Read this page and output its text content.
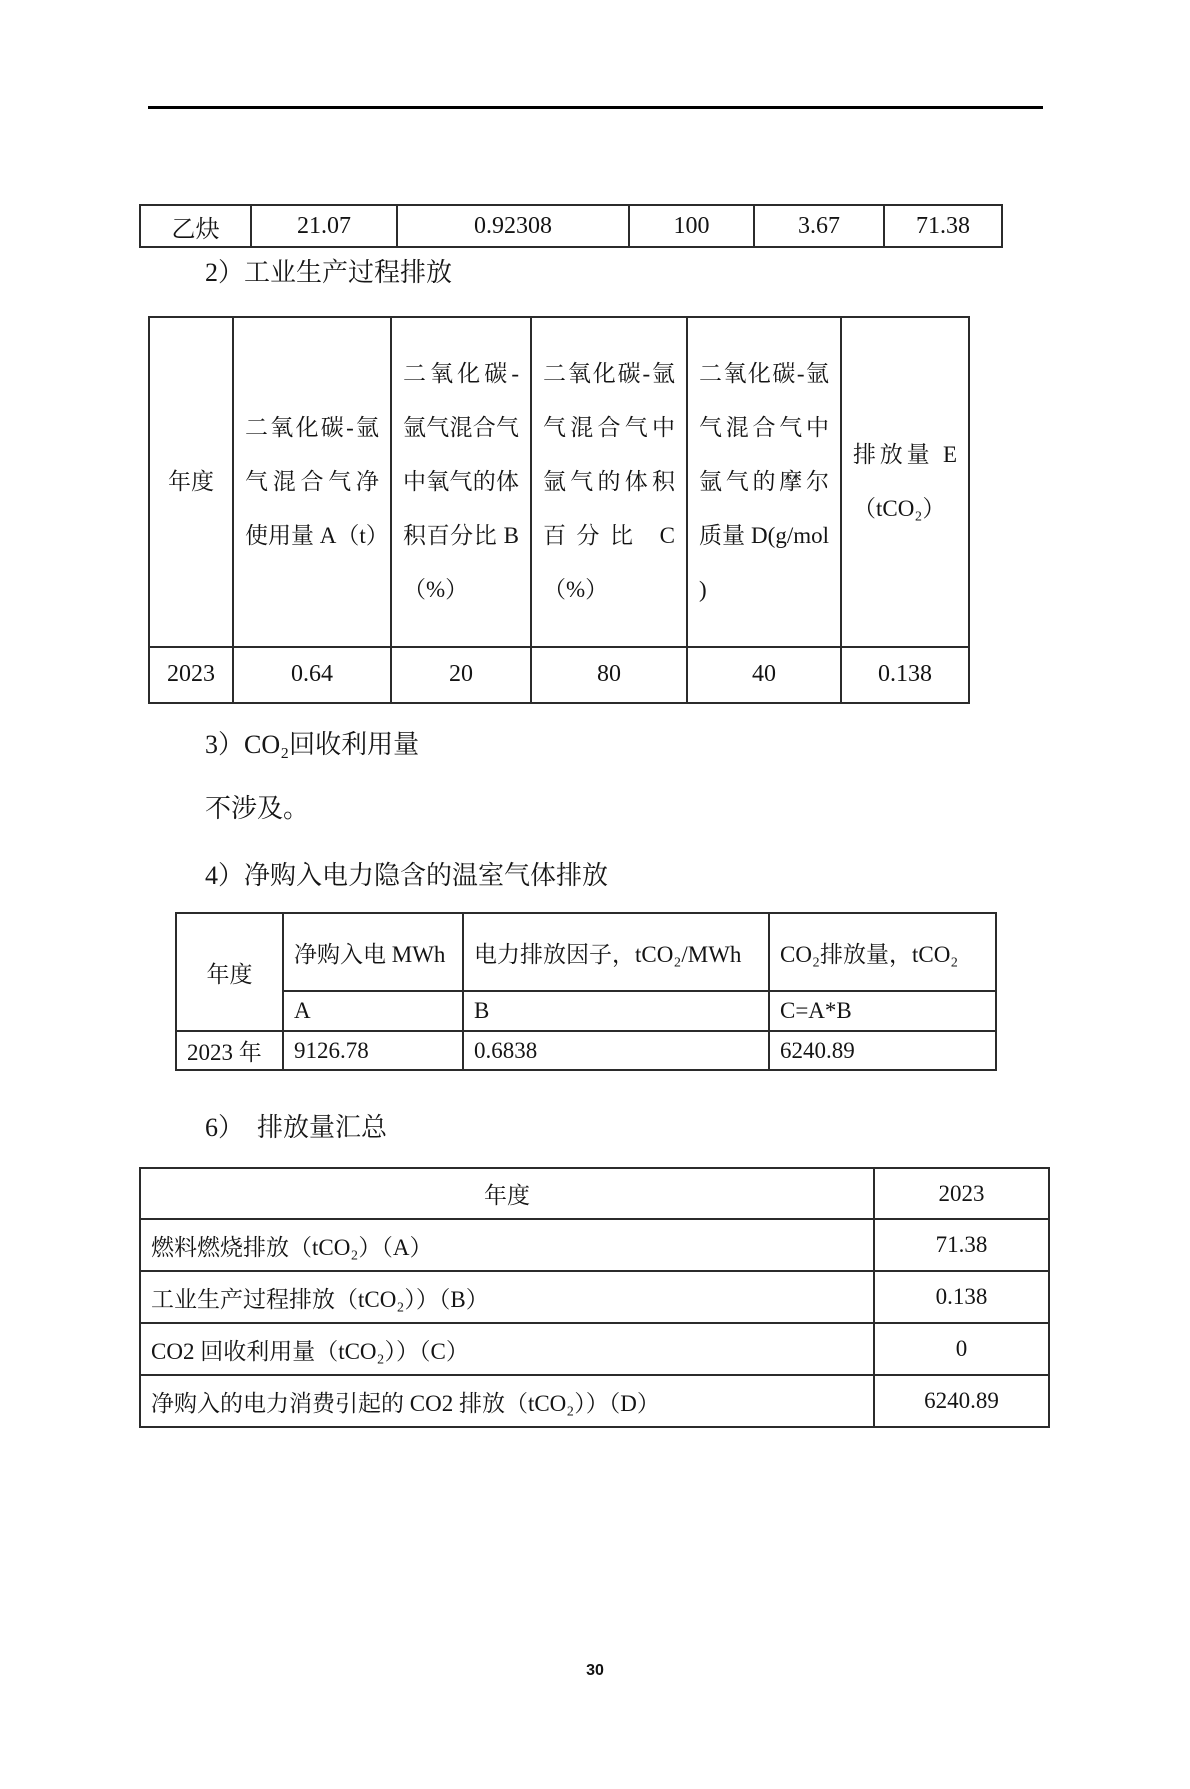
乙炔	21.07	0.92308	100	3.67	71.38
2）工业生产过程排放
年度	二氧化碳-氩气混合气净使用量 A（t）	二氧化碳-氩气混合气中氧气的体积百分比 B（%）	二氧化碳-氩气混合气中氩气的体积百分比 C（%）	二氧化碳-氩气混合气中氩气的摩尔质量 D(g/mol )	排放量 E（tCO₂）
2023	0.64	20	80	40	0.138
3）CO₂回收利用量
不涉及。
4）净购入电力隐含的温室气体排放
年度	净购入电 MWh	电力排放因子，tCO₂/MWh	CO₂排放量，tCO₂
	A	B	C=A*B
2023 年	9126.78	0.6838	6240.89
6）  排放量汇总
年度	2023
燃料燃烧排放（tCO₂）（A）	71.38
工业生产过程排放（tCO₂））（B）	0.138
CO2 回收利用量（tCO₂））（C）	0
净购入的电力消费引起的 CO2 排放（tCO₂））（D）	6240.89
30
